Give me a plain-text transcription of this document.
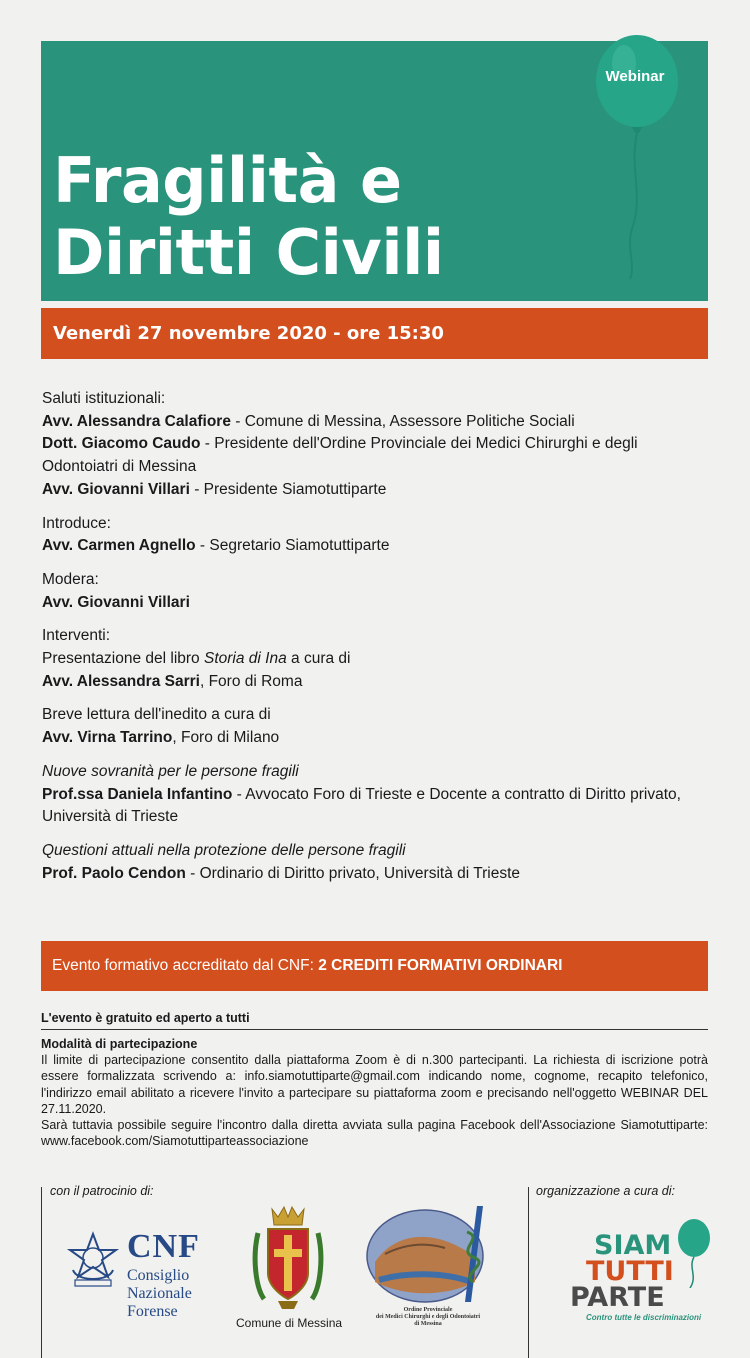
Fragilità e
Diritti Civili
Webinar
Venerdì 27 novembre 2020 - ore 15:30
Saluti istituzionali:
Avv. Alessandra Calafiore - Comune di Messina, Assessore Politiche Sociali
Dott. Giacomo Caudo - Presidente dell'Ordine Provinciale dei Medici Chirurghi e degli Odontoiatri di Messina
Avv. Giovanni Villari - Presidente Siamotuttiparte
Introduce:
Avv. Carmen Agnello - Segretario Siamotuttiparte
Modera:
Avv. Giovanni Villari
Interventi:
Presentazione del libro Storia di Ina a cura di
Avv. Alessandra Sarri, Foro di Roma
Breve lettura dell'inedito a cura di
Avv. Virna Tarrino, Foro di Milano
Nuove sovranità per le persone fragili
Prof.ssa Daniela Infantino - Avvocato Foro di Trieste e Docente a contratto di Diritto privato, Università di Trieste
Questioni attuali nella protezione delle persone fragili
Prof. Paolo Cendon - Ordinario di Diritto privato, Università di Trieste
Evento formativo accreditato dal CNF: 2 CREDITI FORMATIVI ORDINARI
L'evento è gratuito ed aperto a tutti
Modalità di partecipazione
Il limite di partecipazione consentito dalla piattaforma Zoom è di n.300 partecipanti. La richiesta di iscrizione potrà essere formalizzata scrivendo a: info.siamotuttiparte@gmail.com indicando nome, cognome, recapito telefonico, l'indirizzo email abilitato a ricevere l'invito a partecipare su piattaforma zoom e precisando nell'oggetto WEBINAR DEL 27.11.2020.
Sarà tuttavia possibile seguire l'incontro dalla diretta avviata sulla pagina Facebook dell'Associazione Siamotuttiparte: www.facebook.com/Siamotuttiparteassociazione
con il patrocinio di:	organizzazione a cura di:
CNF
Consiglio
Nazionale
Forense
Comune di Messina
Ordine Provinciale
dei Medici Chirurghi e degli Odontoiatri
di Messina
SIAM
TUTTI
PARTE
Contro tutte le discriminazioni
